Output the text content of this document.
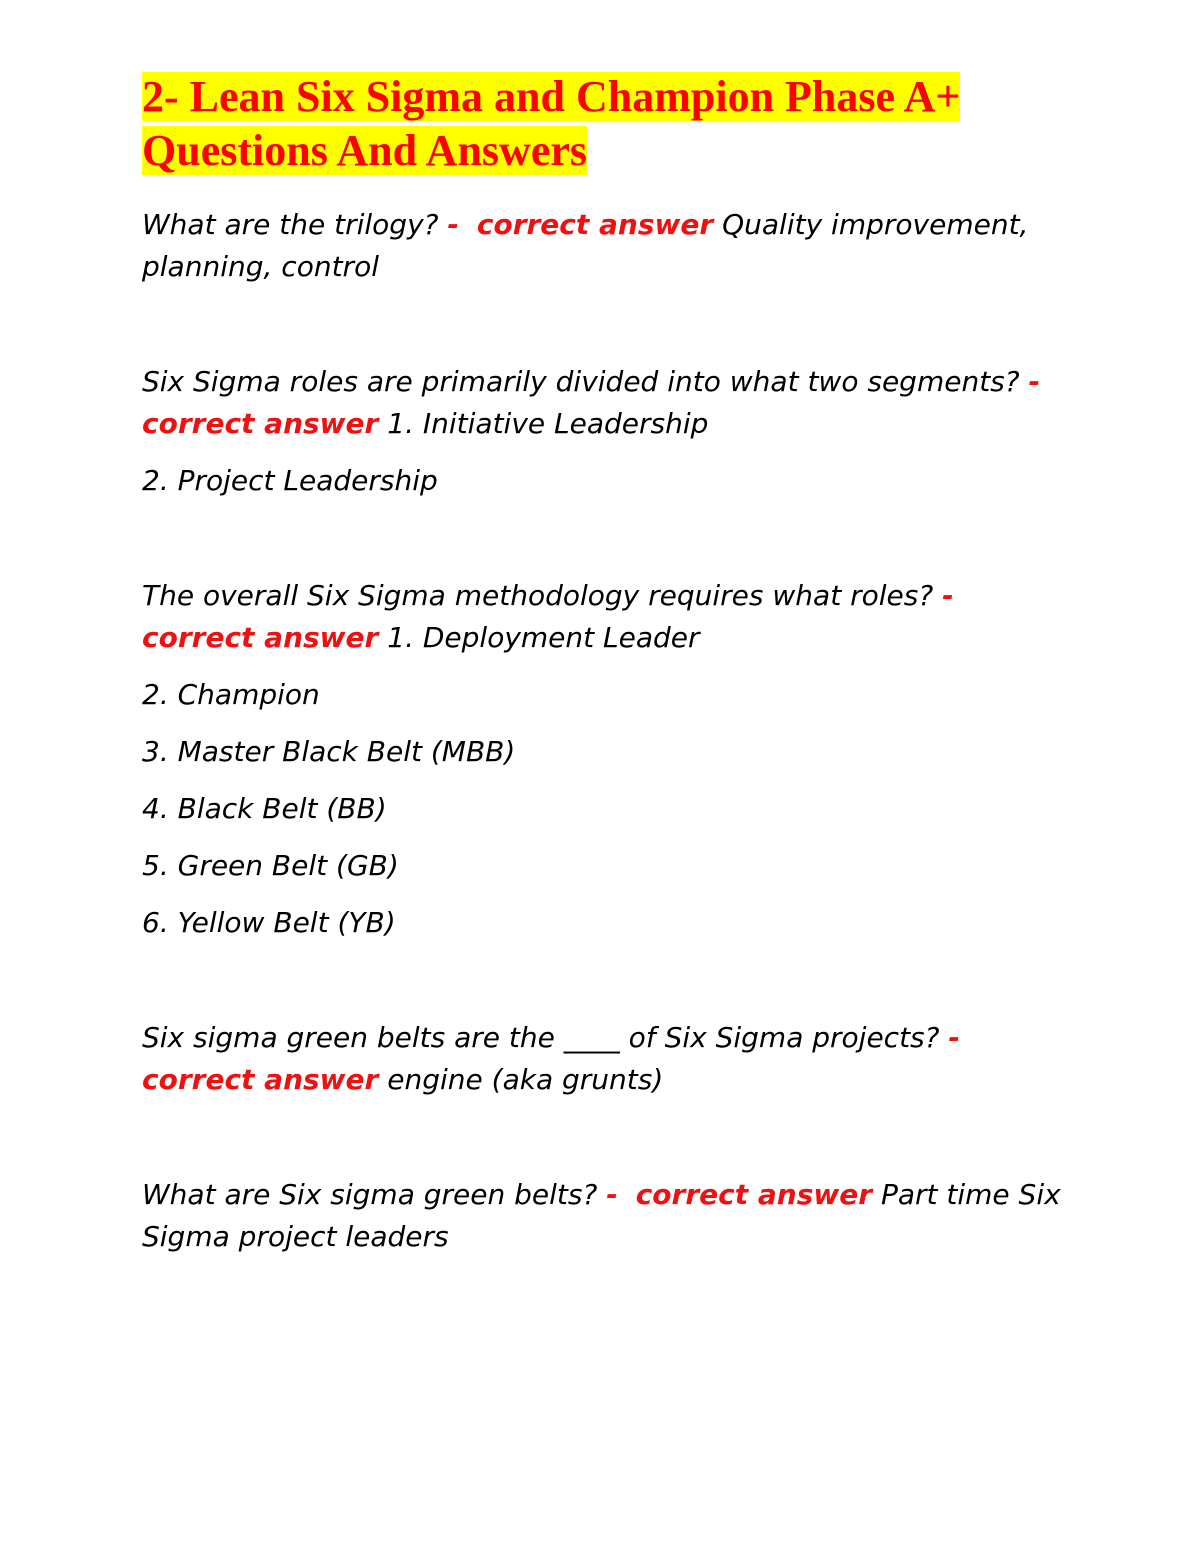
2- Lean Six Sigma and Champion Phase A+
Questions And Answers

What are the trilogy? - correct answer Quality improvement, planning, control

Six Sigma roles are primarily divided into what two segments? -  correct answer 1. Initiative Leadership

2. Project Leadership

The overall Six Sigma methodology requires what roles? -  correct answer 1. Deployment Leader

2. Champion

3. Master Black Belt (MBB)

4. Black Belt (BB)

5. Green Belt (GB)

6. Yellow Belt (YB)

Six sigma green belts are the ____ of Six Sigma projects? -  correct answer engine (aka grunts)

What are Six sigma green belts? - correct answer Part time Six Sigma project leaders
